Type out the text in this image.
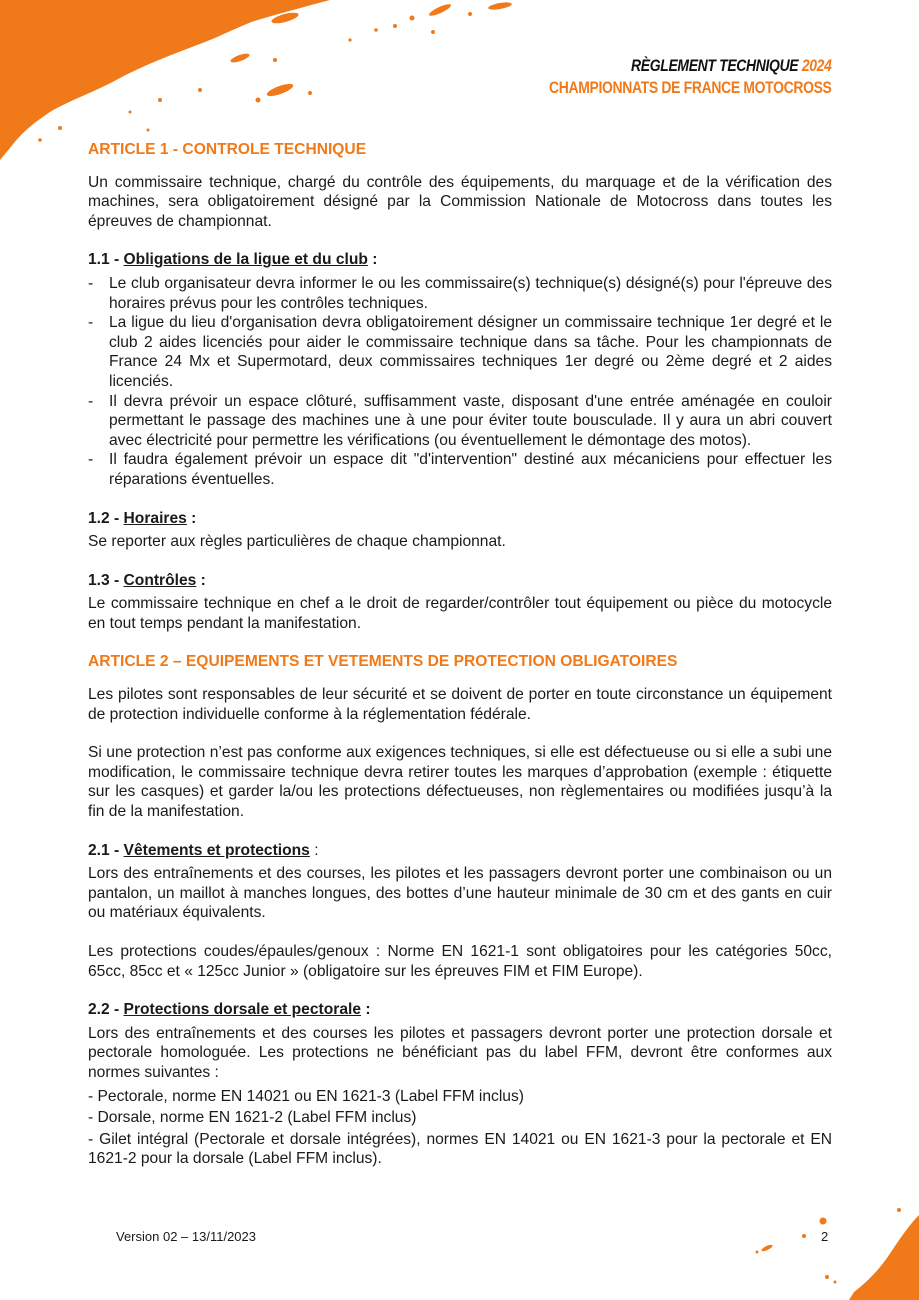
RÈGLEMENT TECHNIQUE 2024
CHAMPIONNATS DE FRANCE MOTOCROSS
ARTICLE 1 - CONTROLE TECHNIQUE

Un commissaire technique, chargé du contrôle des équipements, du marquage et de la vérification des machines, sera obligatoirement désigné par la Commission Nationale de Motocross dans toutes les épreuves de championnat.

1.1 - Obligations de la ligue et du club :
- Le club organisateur devra informer le ou les commissaire(s) technique(s) désigné(s) pour l'épreuve des horaires prévus pour les contrôles techniques.
- La ligue du lieu d'organisation devra obligatoirement désigner un commissaire technique 1er degré et le club 2 aides licenciés pour aider le commissaire technique dans sa tâche. Pour les championnats de France 24 Mx et Supermotard, deux commissaires techniques 1er degré ou 2ème degré et 2 aides licenciés.
- Il devra prévoir un espace clôturé, suffisamment vaste, disposant d'une entrée aménagée en couloir permettant le passage des machines une à une pour éviter toute bousculade. Il y aura un abri couvert avec électricité pour permettre les vérifications (ou éventuellement le démontage des motos).
- Il faudra également prévoir un espace dit "d'intervention" destiné aux mécaniciens pour effectuer les réparations éventuelles.
1.2 - Horaires :

Se reporter aux règles particulières de chaque championnat.

1.3 - Contrôles :

Le commissaire technique en chef a le droit de regarder/contrôler tout équipement ou pièce du motocycle en tout temps pendant la manifestation.

ARTICLE 2 – EQUIPEMENTS ET VETEMENTS DE PROTECTION OBLIGATOIRES

Les pilotes sont responsables de leur sécurité et se doivent de porter en toute circonstance un équipement de protection individuelle conforme à la réglementation fédérale.

Si une protection n’est pas conforme aux exigences techniques, si elle est défectueuse ou si elle a subi une modification, le commissaire technique devra retirer toutes les marques d’approbation (exemple : étiquette sur les casques) et garder la/ou les protections défectueuses, non règlementaires ou modifiées jusqu’à la fin de la manifestation.

2.1 - Vêtements et protections :

Lors des entraînements et des courses, les pilotes et les passagers devront porter une combinaison ou un pantalon, un maillot à manches longues, des bottes d’une hauteur minimale de 30 cm et des gants en cuir ou matériaux équivalents.

Les protections coudes/épaules/genoux : Norme EN 1621-1 sont obligatoires pour les catégories 50cc, 65cc, 85cc et « 125cc Junior » (obligatoire sur les épreuves FIM et FIM Europe).

2.2 - Protections dorsale et pectorale :

Lors des entraînements et des courses les pilotes et passagers devront porter une protection dorsale et pectorale homologuée. Les protections ne bénéficiant pas du label FFM, devront être conformes aux normes suivantes :

- Pectorale, norme EN 14021 ou EN 1621-3 (Label FFM inclus)

- Dorsale, norme EN 1621-2 (Label FFM inclus)

- Gilet intégral (Pectorale et dorsale intégrées), normes EN 14021 ou EN 1621-3 pour la pectorale et EN 1621-2 pour la dorsale (Label FFM inclus).

Version 02 – 13/11/2023	2
